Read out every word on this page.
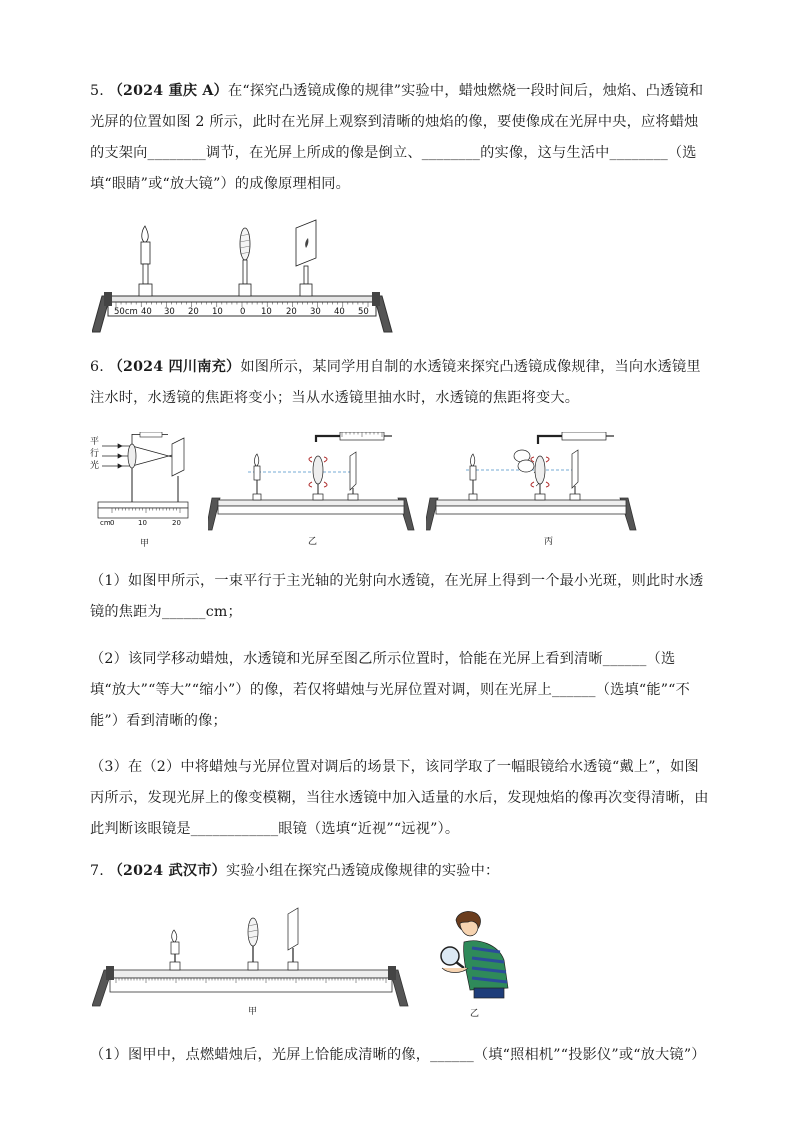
5. （2024 重庆 A）在“探究凸透镜成像的规律”实验中，蜡烛燃烧一段时间后，烛焰、凸透镜和光屏的位置如图 2 所示，此时在光屏上观察到清晰的烛焰的像，要使像成在光屏中央，应将蜡烛的支架向________调节，在光屏上所成的像是倒立、________的实像，这与生活中________（选填“眼睛”或“放大镜”）的成像原理相同。

50cm 40 30 20 10 0 10 20 30 40 50

6. （2024 四川南充）如图所示，某同学用自制的水透镜来探究凸透镜成像规律，当向水透镜里注水时，水透镜的焦距将变小；当从水透镜里抽水时，水透镜的焦距将变大。

平
行
光
cm 0	10	20
甲	乙	丙

（1）如图甲所示，一束平行于主光轴的光射向水透镜，在光屏上得到一个最小光斑，则此时水透镜的焦距为______cm；

（2）该同学移动蜡烛，水透镜和光屏至图乙所示位置时，恰能在光屏上看到清晰______（选填“放大”“等大”“缩小”）的像，若仅将蜡烛与光屏位置对调，则在光屏上______（选填“能”“不能”）看到清晰的像；

（3）在（2）中将蜡烛与光屏位置对调后的场景下，该同学取了一幅眼镜给水透镜“戴上”，如图丙所示，发现光屏上的像变模糊，当往水透镜中加入适量的水后，发现烛焰的像再次变得清晰，由此判断该眼镜是____________眼镜（选填“近视”“远视”）。

7. （2024 武汉市）实验小组在探究凸透镜成像规律的实验中：

甲	乙

（1）图甲中，点燃蜡烛后，光屏上恰能成清晰的像，______（填“照相机”“投影仪”或“放大镜”）
